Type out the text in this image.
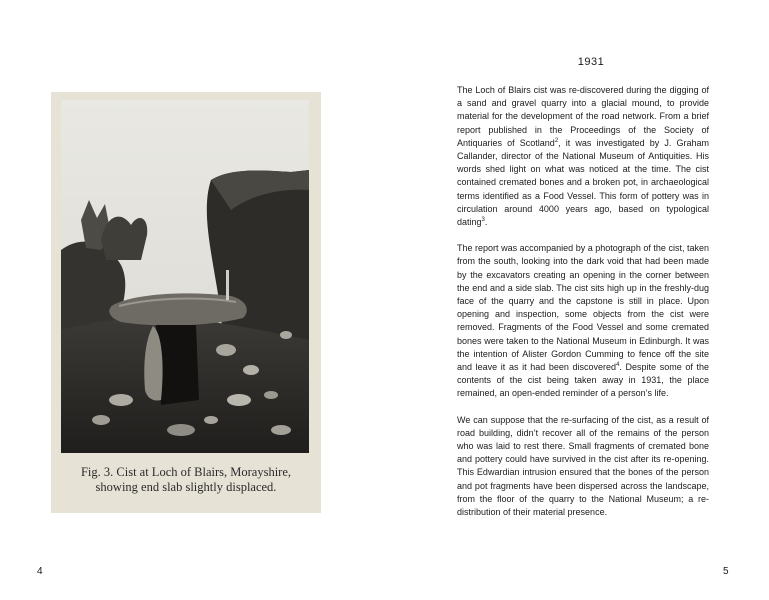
Fig. 3. Cist at Loch of Blairs, Morayshire,
showing end slab slightly displaced.
1931

The Loch of Blairs cist was re-discovered during the digging of a sand and gravel quarry into a glacial mound, to provide material for the development of the road network. From a brief report published in the Proceedings of the Society of Antiquaries of Scotland$^2$, it was investigated by J. Graham Callander, director of the National Museum of Antiquities. His words shed light on what was noticed at the time. The cist contained cremated bones and a broken pot, in archaeological terms identified as a Food Vessel. This form of pottery was in circulation around 4000 years ago, based on typological dating$^3$.

The report was accompanied by a photograph of the cist, taken from the south, looking into the dark void that had been made by the excavators creating an opening in the corner between the end and a side slab. The cist sits high up in the freshly-dug face of the quarry and the capstone is still in place. Upon opening and inspection, some objects from the cist were removed. Fragments of the Food Vessel and some cremated bones were taken to the National Museum in Edinburgh. It was the intention of Alister Gordon Cumming to fence off the site and leave it as it had been discovered$^4$. Despite some of the contents of the cist being taken away in 1931, the place remained, an open-ended reminder of a person’s life.

We can suppose that the re-surfacing of the cist, as a result of road building, didn’t recover all of the remains of the person who was laid to rest there. Small fragments of cremated bone and pottery could have survived in the cist after its re-opening. This Edwardian intrusion ensured that the bones of the person and pot fragments have been dispersed across the landscape, from the floor of the quarry to the National Museum; a re-distribution of their material presence.

4	5
